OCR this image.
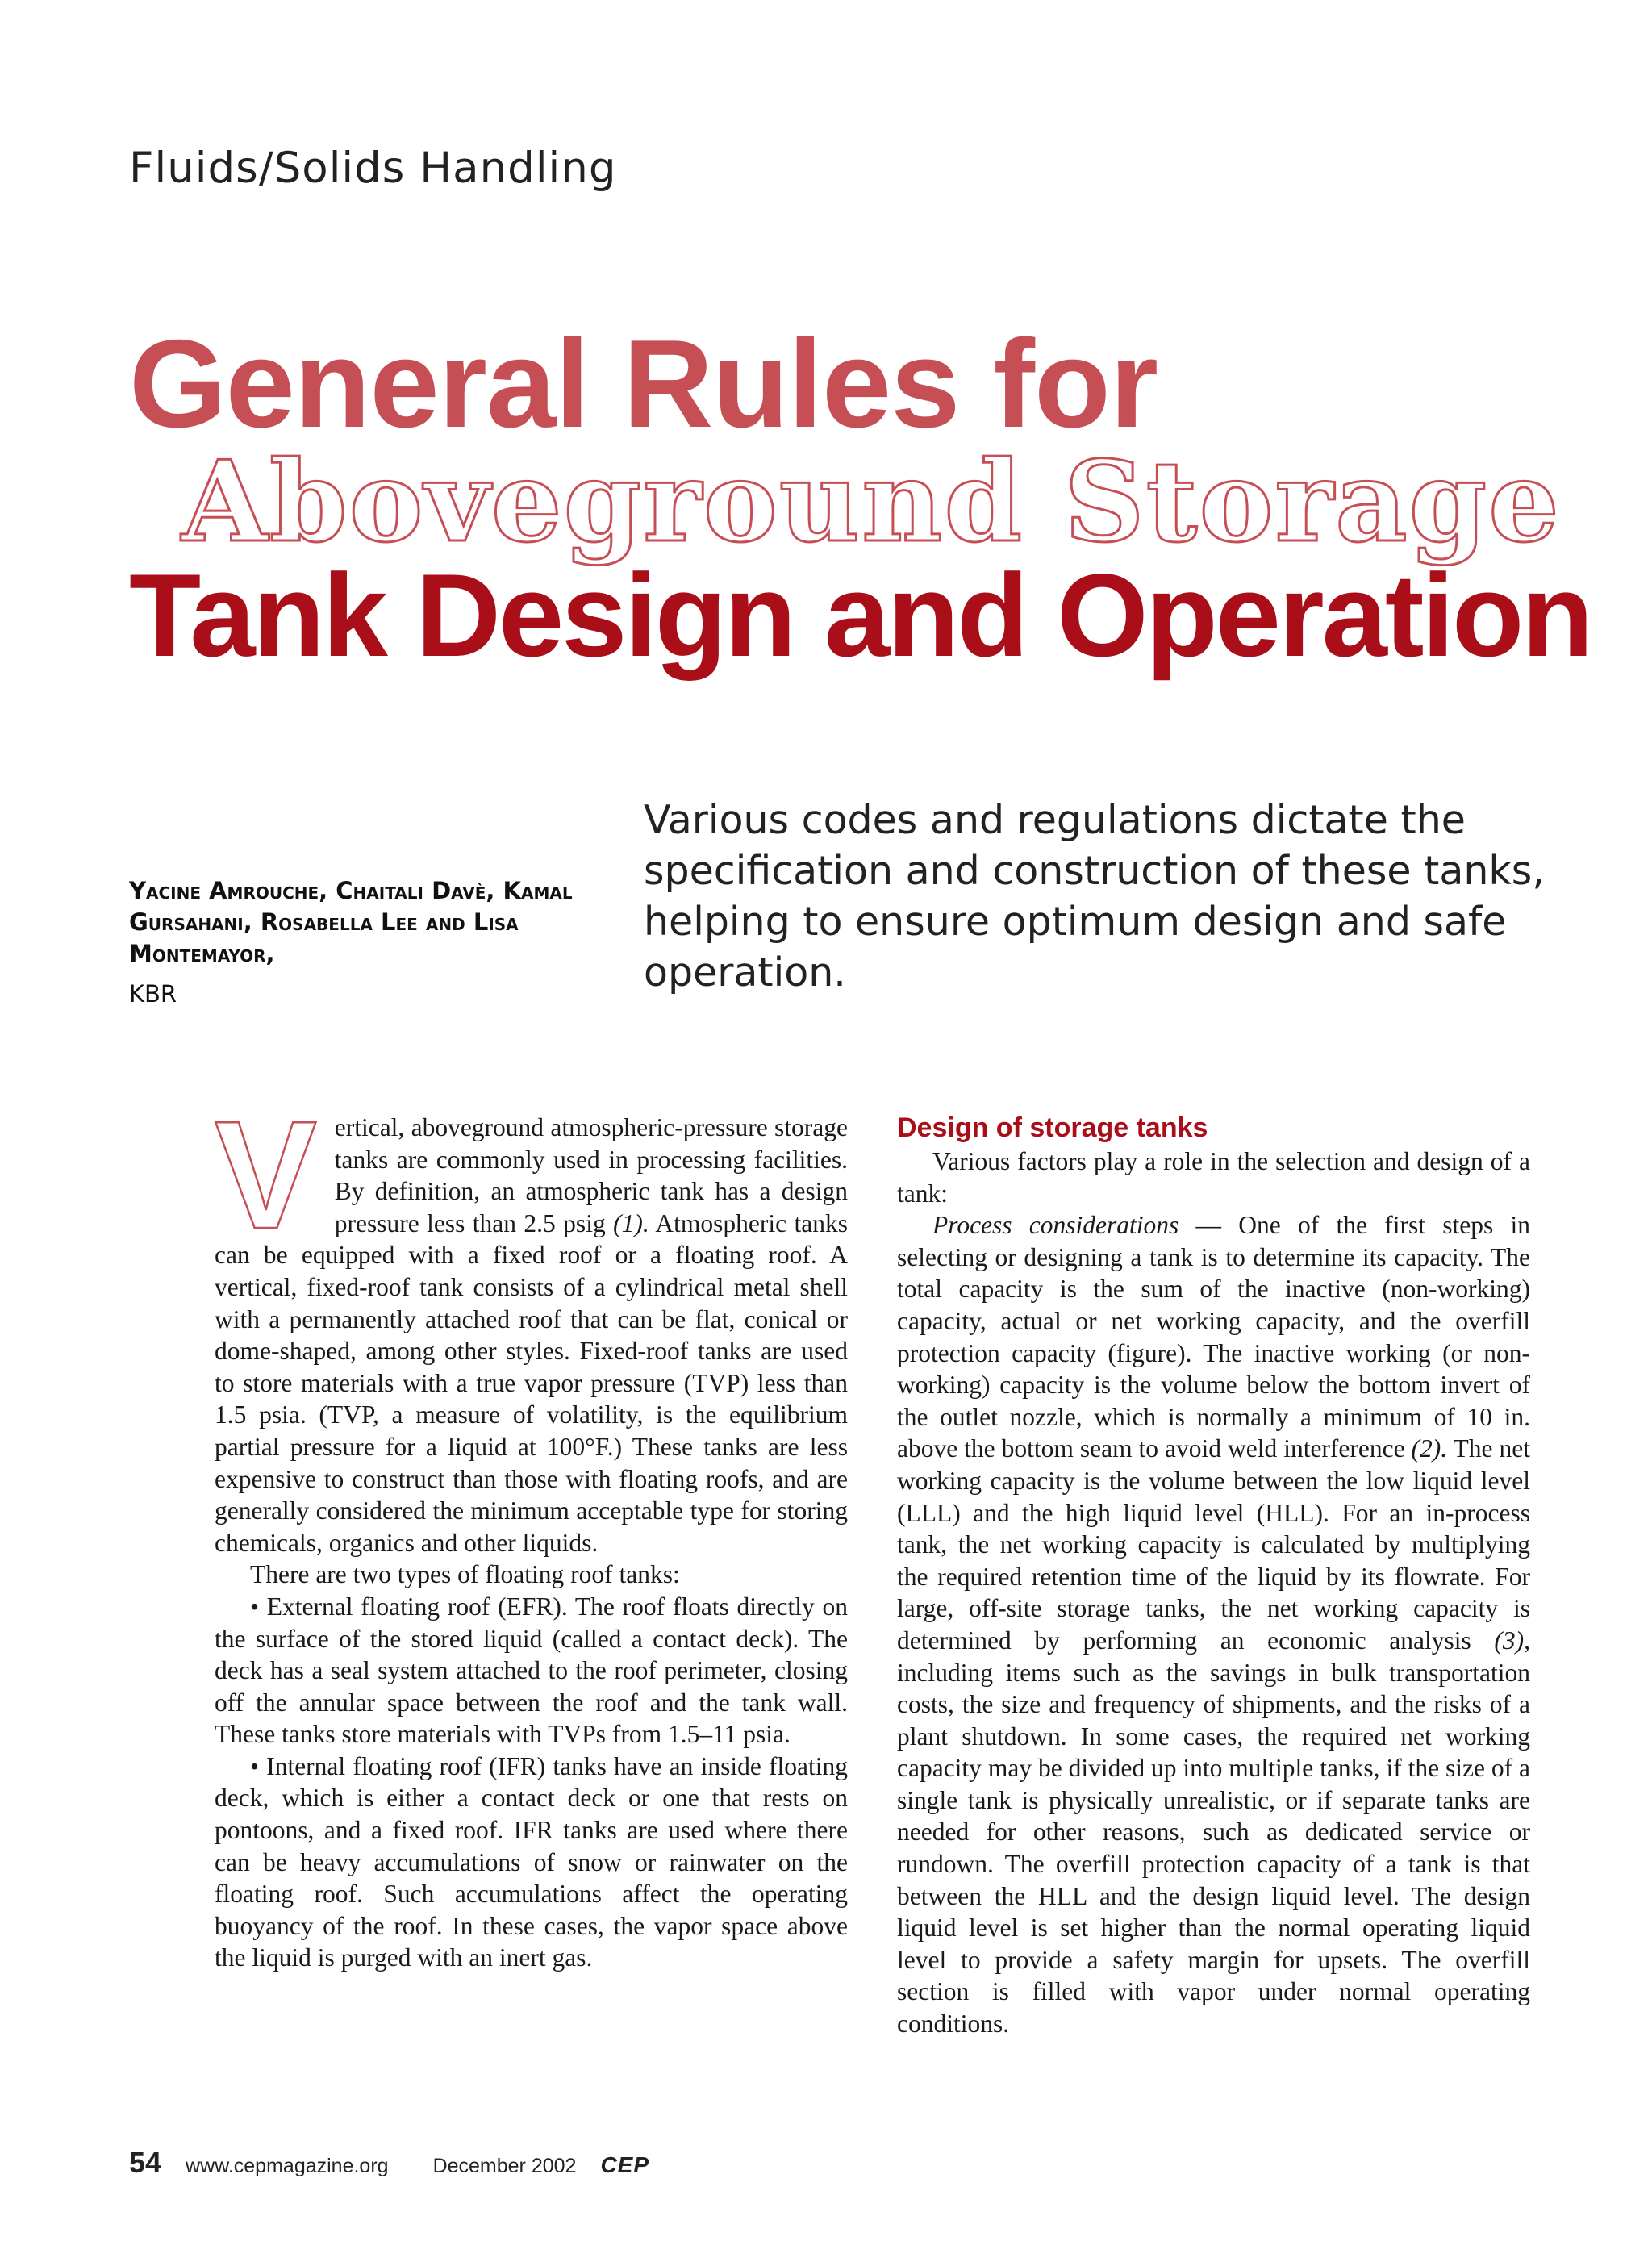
Fluids/Solids Handling
General Rules for
Aboveground Storage
Tank Design and Operation
Various codes and regulations dictate the specification and construction of these tanks, helping to ensure optimum design and safe operation.
Yacine Amrouche, Chaitali Davè, Kamal Gursahani, Rosabella Lee and Lisa Montemayor,
KBR

Vertical, aboveground atmospheric-pressure storage tanks are commonly used in processing facilities. By definition, an atmospheric tank has a design pressure less than 2.5 psig (1). Atmospheric tanks can be equipped with a fixed roof or a floating roof. A vertical, fixed-roof tank consists of a cylindrical metal shell with a permanently attached roof that can be flat, conical or dome-shaped, among other styles. Fixed-roof tanks are used to store materials with a true vapor pressure (TVP) less than 1.5 psia. (TVP, a measure of volatility, is the equilibrium partial pressure for a liquid at 100°F.) These tanks are less expensive to construct than those with floating roofs, and are generally considered the minimum acceptable type for storing chemicals, organics and other liquids.

There are two types of floating roof tanks:

• External floating roof (EFR). The roof floats directly on the surface of the stored liquid (called a contact deck). The deck has a seal system attached to the roof perimeter, closing off the annular space between the roof and the tank wall. These tanks store materials with TVPs from 1.5–11 psia.

• Internal floating roof (IFR) tanks have an inside floating deck, which is either a contact deck or one that rests on pontoons, and a fixed roof. IFR tanks are used where there can be heavy accumulations of snow or rainwater on the floating roof. Such accumulations affect the operating buoyancy of the roof. In these cases, the vapor space above the liquid is purged with an inert gas.

Design of storage tanks

Various factors play a role in the selection and design of a tank:

Process considerations — One of the first steps in selecting or designing a tank is to determine its capacity. The total capacity is the sum of the inactive (non-working) capacity, actual or net working capacity, and the overfill protection capacity (figure). The inactive working (or non-working) capacity is the volume below the bottom invert of the outlet nozzle, which is normally a minimum of 10 in. above the bottom seam to avoid weld interference (2). The net working capacity is the volume between the low liquid level (LLL) and the high liquid level (HLL). For an in-process tank, the net working capacity is calculated by multiplying the required retention time of the liquid by its flowrate. For large, off-site storage tanks, the net working capacity is determined by performing an economic analysis (3), including items such as the savings in bulk transportation costs, the size and frequency of shipments, and the risks of a plant shutdown. In some cases, the required net working capacity may be divided up into multiple tanks, if the size of a single tank is physically unrealistic, or if separate tanks are needed for other reasons, such as dedicated service or rundown. The overfill protection capacity of a tank is that between the HLL and the design liquid level. The design liquid level is set higher than the normal operating liquid level to provide a safety margin for upsets. The overfill section is filled with vapor under normal operating conditions.

54 www.cepmagazine.org December 2002 CEP
